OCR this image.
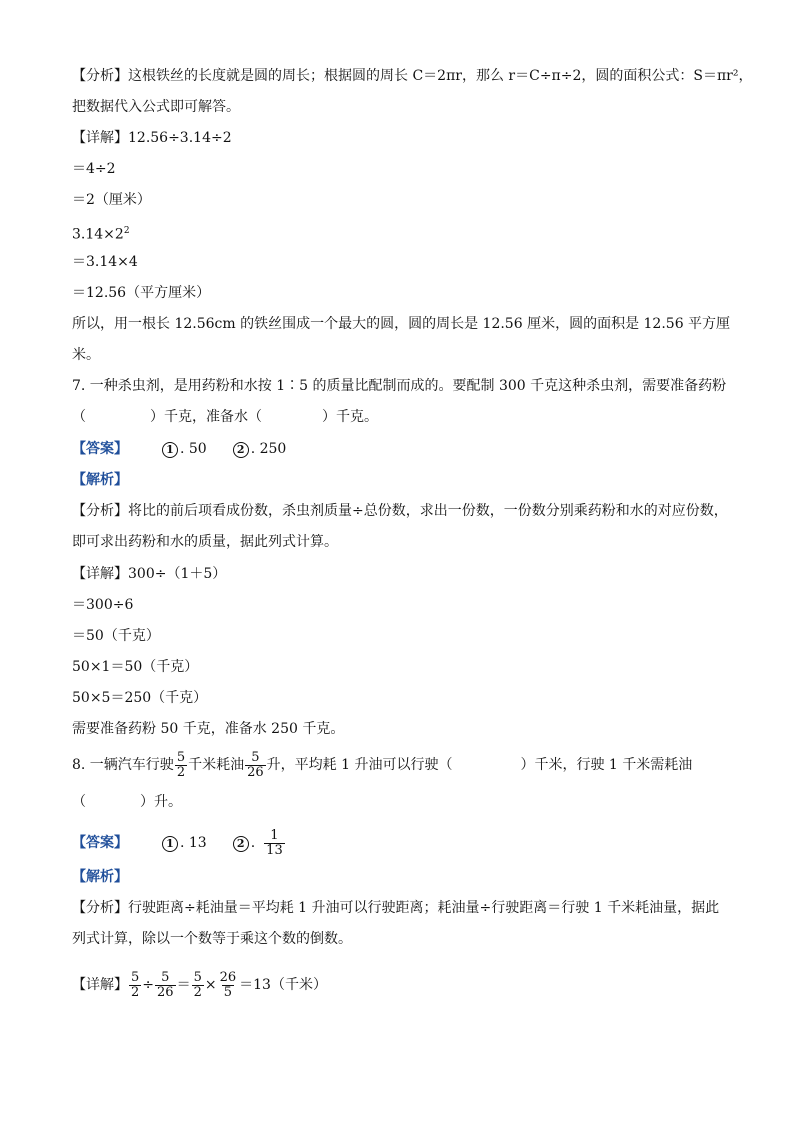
【分析】这根铁丝的长度就是圆的周长；根据圆的周长 C＝2πr，那么 r＝C÷π÷2，圆的面积公式：S＝πr²，
把数据代入公式即可解答。
【详解】12.56÷3.14÷2
＝4÷2
＝2（厘米）
$3.14\times 2^2$
＝3.14×4
＝12.56（平方厘米）
所以，用一根长 12.56cm 的铁丝围成一个最大的圆，圆的周长是 12.56 厘米，圆的面积是 12.56 平方厘
米。
7. 一种杀虫剂，是用药粉和水按 1∶5 的质量比配制而成的。要配制 300 千克这种杀虫剂，需要准备药粉
（	）千克，准备水（	）千克。
【答案】	1 . 50	2 . 250
【解析】
【分析】将比的前后项看成份数，杀虫剂质量÷总份数，求出一份数，一份数分别乘药粉和水的对应份数，
即可求出药粉和水的质量，据此列式计算。
【详解】300÷（1＋5）
＝300÷6
＝50（千克）
50×1＝50（千克）
50×5＝250（千克）
需要准备药粉 50 千克，准备水 250 千克。
8. 一辆汽车行驶 $\frac{5}{2}$ 千米耗油 $\frac{5}{26}$ 升，平均耗 1 升油可以行驶（	）千米，行驶 1 千米需耗油
（	）升。
【答案】	1 . 13	2 . $\frac{1}{13}$
【解析】
【分析】行驶距离÷耗油量＝平均耗 1 升油可以行驶距离；耗油量÷行驶距离＝行驶 1 千米耗油量，据此
列式计算，除以一个数等于乘这个数的倒数。
【详解】 $\frac{5}{2} \div \frac{5}{26} = \frac{5}{2} \times \frac{26}{5} =13$（千米）
